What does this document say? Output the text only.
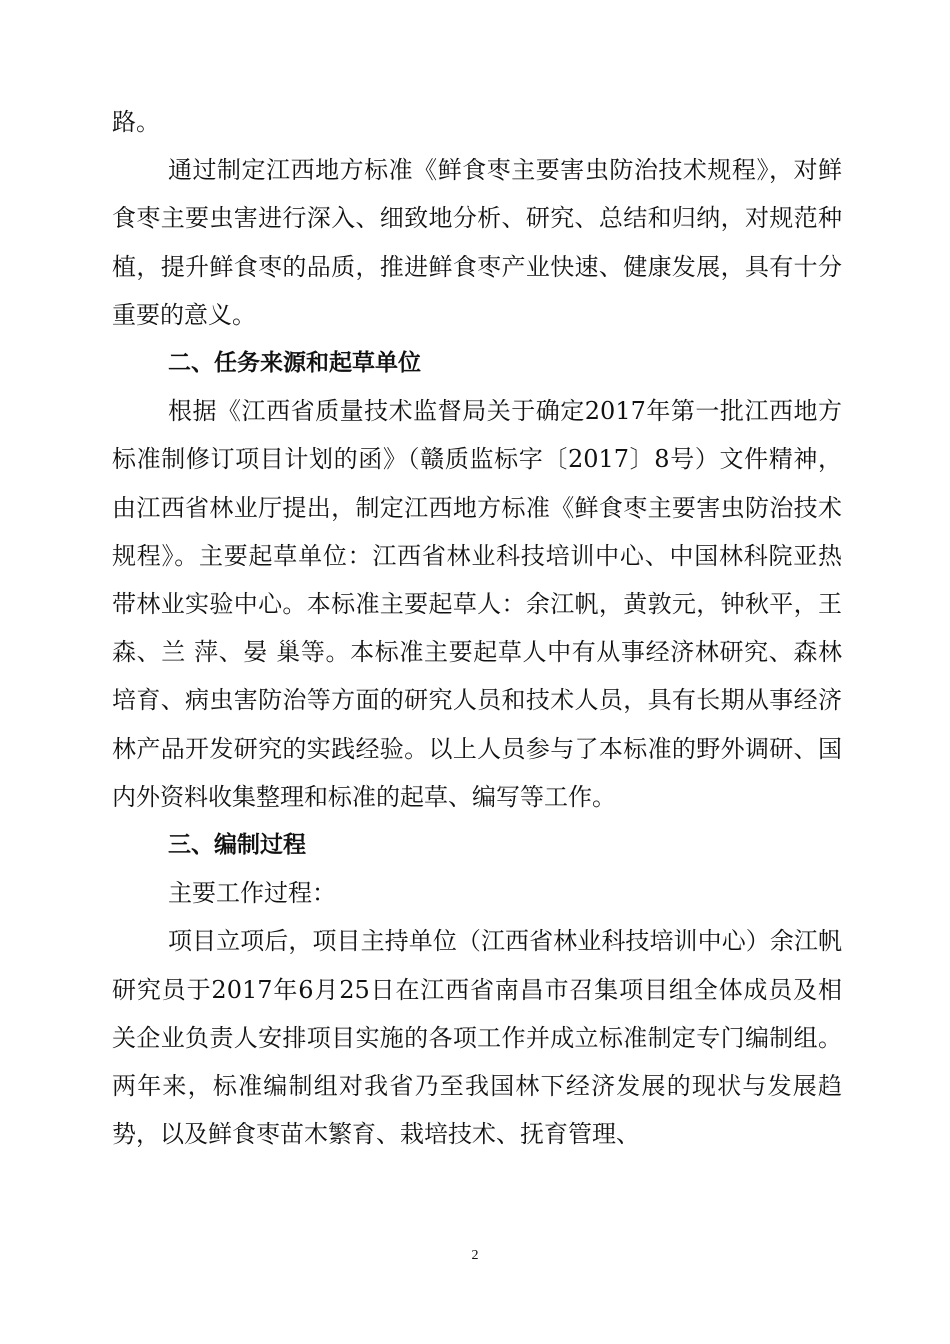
路。

通过制定江西地方标准《鲜食枣主要害虫防治技术规程》，对鲜食枣主要虫害进行深入、细致地分析、研究、总结和归纳，对规范种植，提升鲜食枣的品质，推进鲜食枣产业快速、健康发展，具有十分重要的意义。

二、任务来源和起草单位

根据《江西省质量技术监督局关于确定2017年第一批江西地方标准制修订项目计划的函》（赣质监标字〔2017〕8号）文件精神，由江西省林业厅提出，制定江西地方标准《鲜食枣主要害虫防治技术规程》。主要起草单位：江西省林业科技培训中心、中国林科院亚热带林业实验中心。本标准主要起草人：余江帆，黄敦元，钟秋平，王 森、兰 萍、晏 巢等。本标准主要起草人中有从事经济林研究、森林培育、病虫害防治等方面的研究人员和技术人员，具有长期从事经济林产品开发研究的实践经验。以上人员参与了本标准的野外调研、国内外资料收集整理和标准的起草、编写等工作。

三、编制过程

主要工作过程：

项目立项后，项目主持单位（江西省林业科技培训中心）余江帆研究员于2017年6月25日在江西省南昌市召集项目组全体成员及相关企业负责人安排项目实施的各项工作并成立标准制定专门编制组。两年来，标准编制组对我省乃至我国林下经济发展的现状与发展趋势，以及鲜食枣苗木繁育、栽培技术、抚育管理、

2
